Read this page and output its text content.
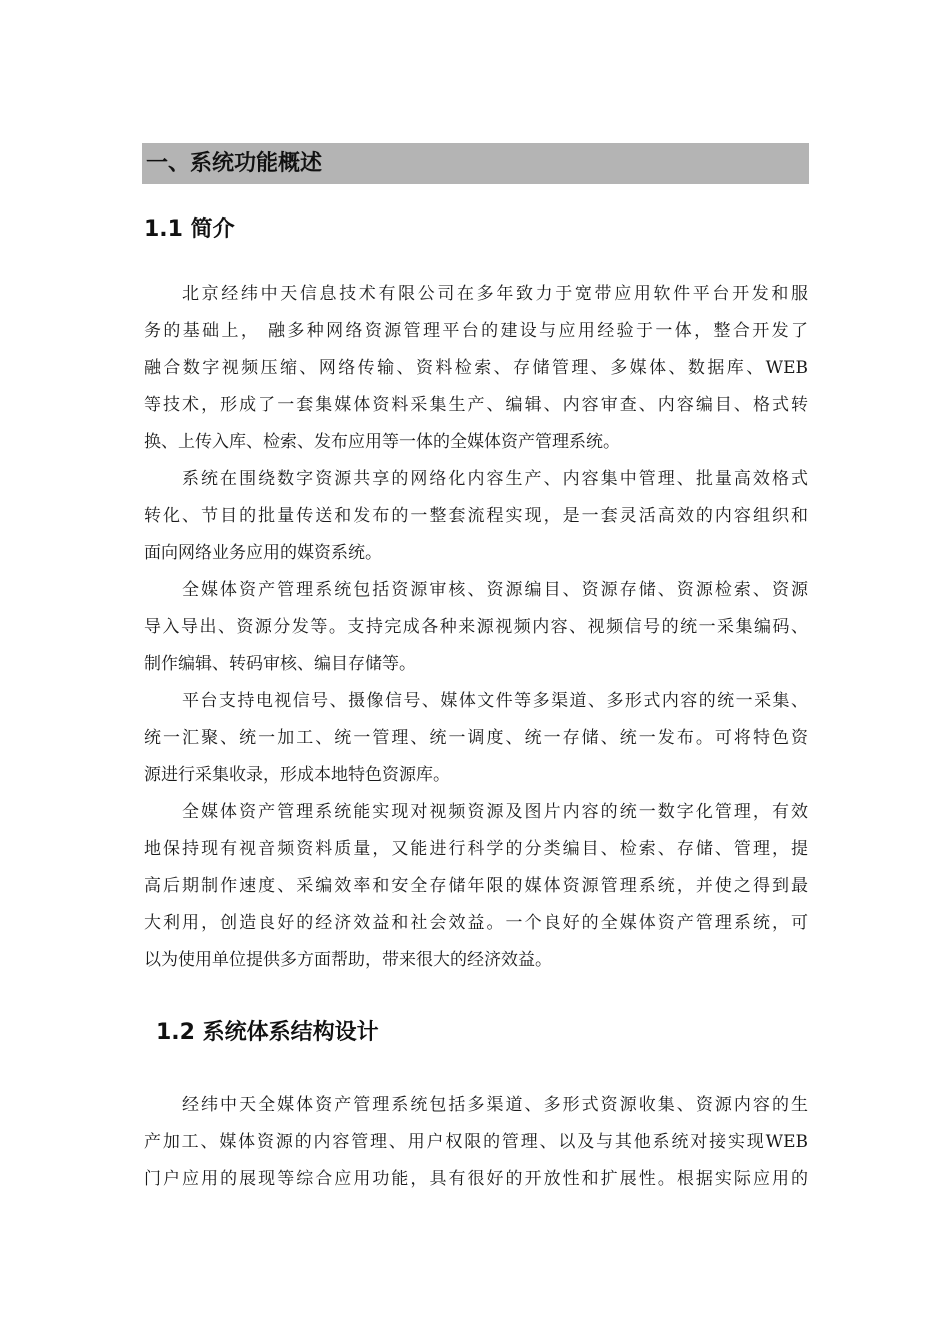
一、系统功能概述
1.1 简介
北京经纬中天信息技术有限公司在多年致力于宽带应用软件平台开发和服
务的基础上， 融多种网络资源管理平台的建设与应用经验于一体，整合开发了
融合数字视频压缩、网络传输、资料检索、存储管理、多媒体、数据库、WEB
等技术，形成了一套集媒体资料采集生产、编辑、内容审查、内容编目、格式转
换、上传入库、检索、发布应用等一体的全媒体资产管理系统。
系统在围绕数字资源共享的网络化内容生产、内容集中管理、批量高效格式
转化、节目的批量传送和发布的一整套流程实现，是一套灵活高效的内容组织和
面向网络业务应用的媒资系统。
全媒体资产管理系统包括资源审核、资源编目、资源存储、资源检索、资源
导入导出、资源分发等。支持完成各种来源视频内容、视频信号的统一采集编码、
制作编辑、转码审核、编目存储等。
平台支持电视信号、摄像信号、媒体文件等多渠道、多形式内容的统一采集、
统一汇聚、统一加工、统一管理、统一调度、统一存储、统一发布。可将特色资
源进行采集收录，形成本地特色资源库。
全媒体资产管理系统能实现对视频资源及图片内容的统一数字化管理，有效
地保持现有视音频资料质量，又能进行科学的分类编目、检索、存储、管理，提
高后期制作速度、采编效率和安全存储年限的媒体资源管理系统，并使之得到最
大利用，创造良好的经济效益和社会效益。一个良好的全媒体资产管理系统，可
以为使用单位提供多方面帮助，带来很大的经济效益。
1.2 系统体系结构设计
经纬中天全媒体资产管理系统包括多渠道、多形式资源收集、资源内容的生
产加工、媒体资源的内容管理、用户权限的管理、以及与其他系统对接实现WEB
门户应用的展现等综合应用功能，具有很好的开放性和扩展性。根据实际应用的
